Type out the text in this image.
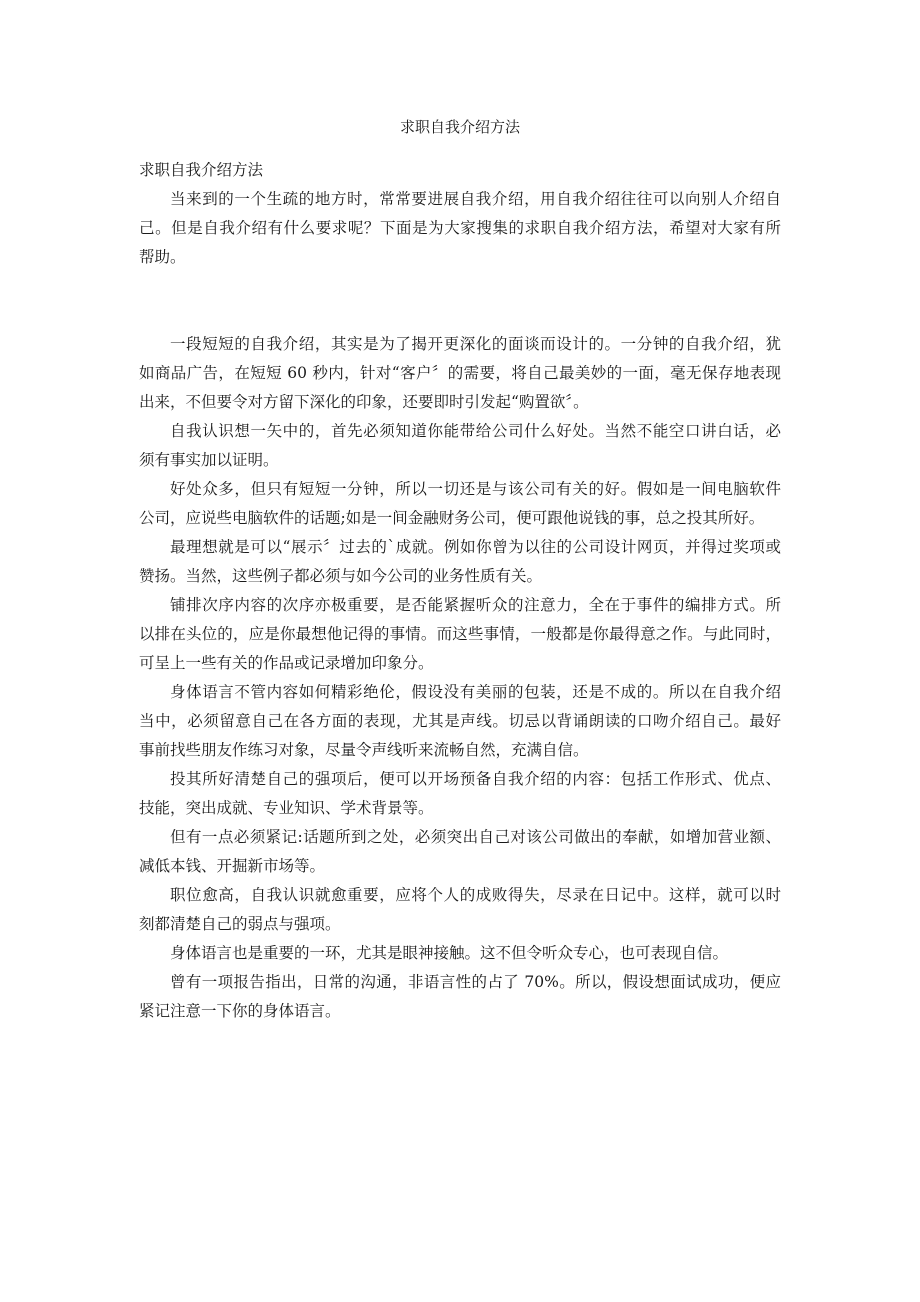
求职自我介绍方法

求职自我介绍方法

当来到的一个生疏的地方时，常常要进展自我介绍，用自我介绍往往可以向别人介绍自
己。但是自我介绍有什么要求呢？下面是为大家搜集的求职自我介绍方法，希望对大家有所
帮助。
一段短短的自我介绍，其实是为了揭开更深化的面谈而设计的。一分钟的自我介绍，犹
如商品广告，在短短 60 秒内，针对“客户〞的需要，将自己最美妙的一面，毫无保存地表现
出来，不但要令对方留下深化的印象，还要即时引发起“购置欲〞。
自我认识想一矢中的，首先必须知道你能带给公司什么好处。当然不能空口讲白话，必
须有事实加以证明。
好处众多，但只有短短一分钟，所以一切还是与该公司有关的好。假如是一间电脑软件
公司，应说些电脑软件的话题;如是一间金融财务公司，便可跟他说钱的事，总之投其所好。
最理想就是可以“展示〞过去的`成就。例如你曾为以往的公司设计网页，并得过奖项或
赞扬。当然，这些例子都必须与如今公司的业务性质有关。
铺排次序内容的次序亦极重要，是否能紧握听众的注意力，全在于事件的编排方式。所
以排在头位的，应是你最想他记得的事情。而这些事情，一般都是你最得意之作。与此同时，
可呈上一些有关的作品或记录增加印象分。
身体语言不管内容如何精彩绝伦，假设没有美丽的包装，还是不成的。所以在自我介绍
当中，必须留意自己在各方面的表现，尤其是声线。切忌以背诵朗读的口吻介绍自己。最好
事前找些朋友作练习对象，尽量令声线听来流畅自然，充满自信。
投其所好清楚自己的强项后，便可以开场预备自我介绍的内容：包括工作形式、优点、
技能，突出成就、专业知识、学术背景等。
但有一点必须紧记:话题所到之处，必须突出自己对该公司做出的奉献，如增加营业额、
减低本钱、开掘新市场等。
职位愈高，自我认识就愈重要，应将个人的成败得失，尽录在日记中。这样，就可以时
刻都清楚自己的弱点与强项。
身体语言也是重要的一环，尤其是眼神接触。这不但令听众专心，也可表现自信。
曾有一项报告指出，日常的沟通，非语言性的占了 70%。所以，假设想面试成功，便应
紧记注意一下你的身体语言。
